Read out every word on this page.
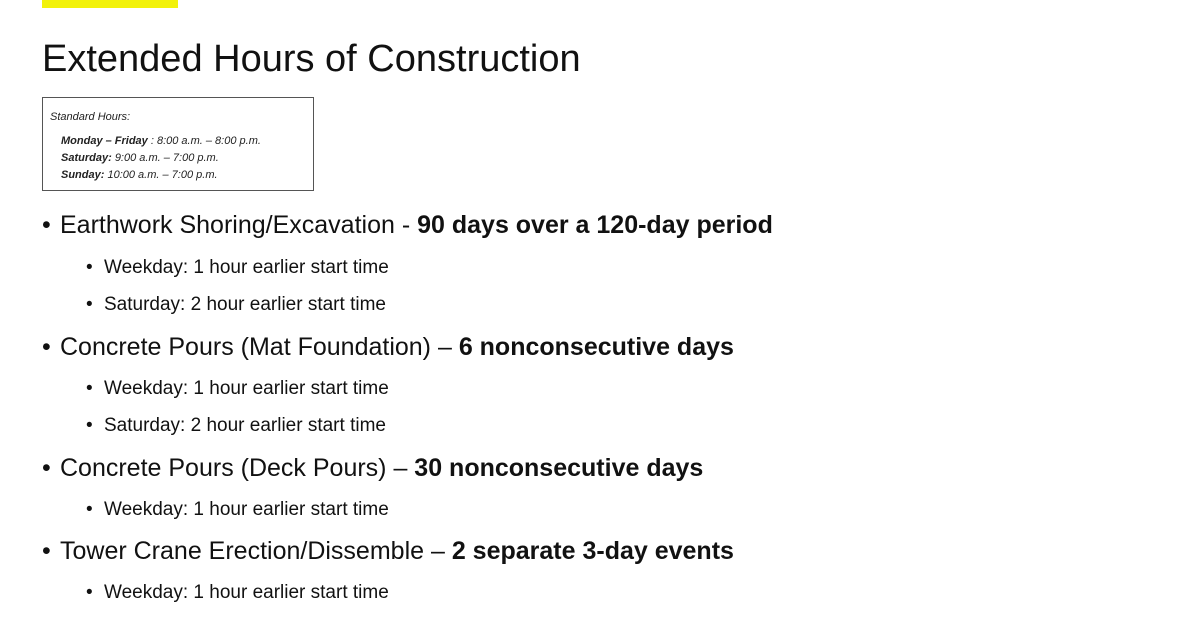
Extended Hours of Construction
Standard Hours:
Monday – Friday : 8:00 a.m. – 8:00 p.m.
Saturday: 9:00 a.m. – 7:00 p.m.
Sunday: 10:00 a.m. – 7:00 p.m.
• Earthwork Shoring/Excavation - 90 days over a 120-day period
• Weekday: 1 hour earlier start time
• Saturday: 2 hour earlier start time
• Concrete Pours (Mat Foundation) – 6 nonconsecutive days
• Weekday: 1 hour earlier start time
• Saturday: 2 hour earlier start time
• Concrete Pours (Deck Pours) – 30 nonconsecutive days
• Weekday: 1 hour earlier start time
• Tower Crane Erection/Dissemble – 2 separate 3-day events
• Weekday: 1 hour earlier start time
